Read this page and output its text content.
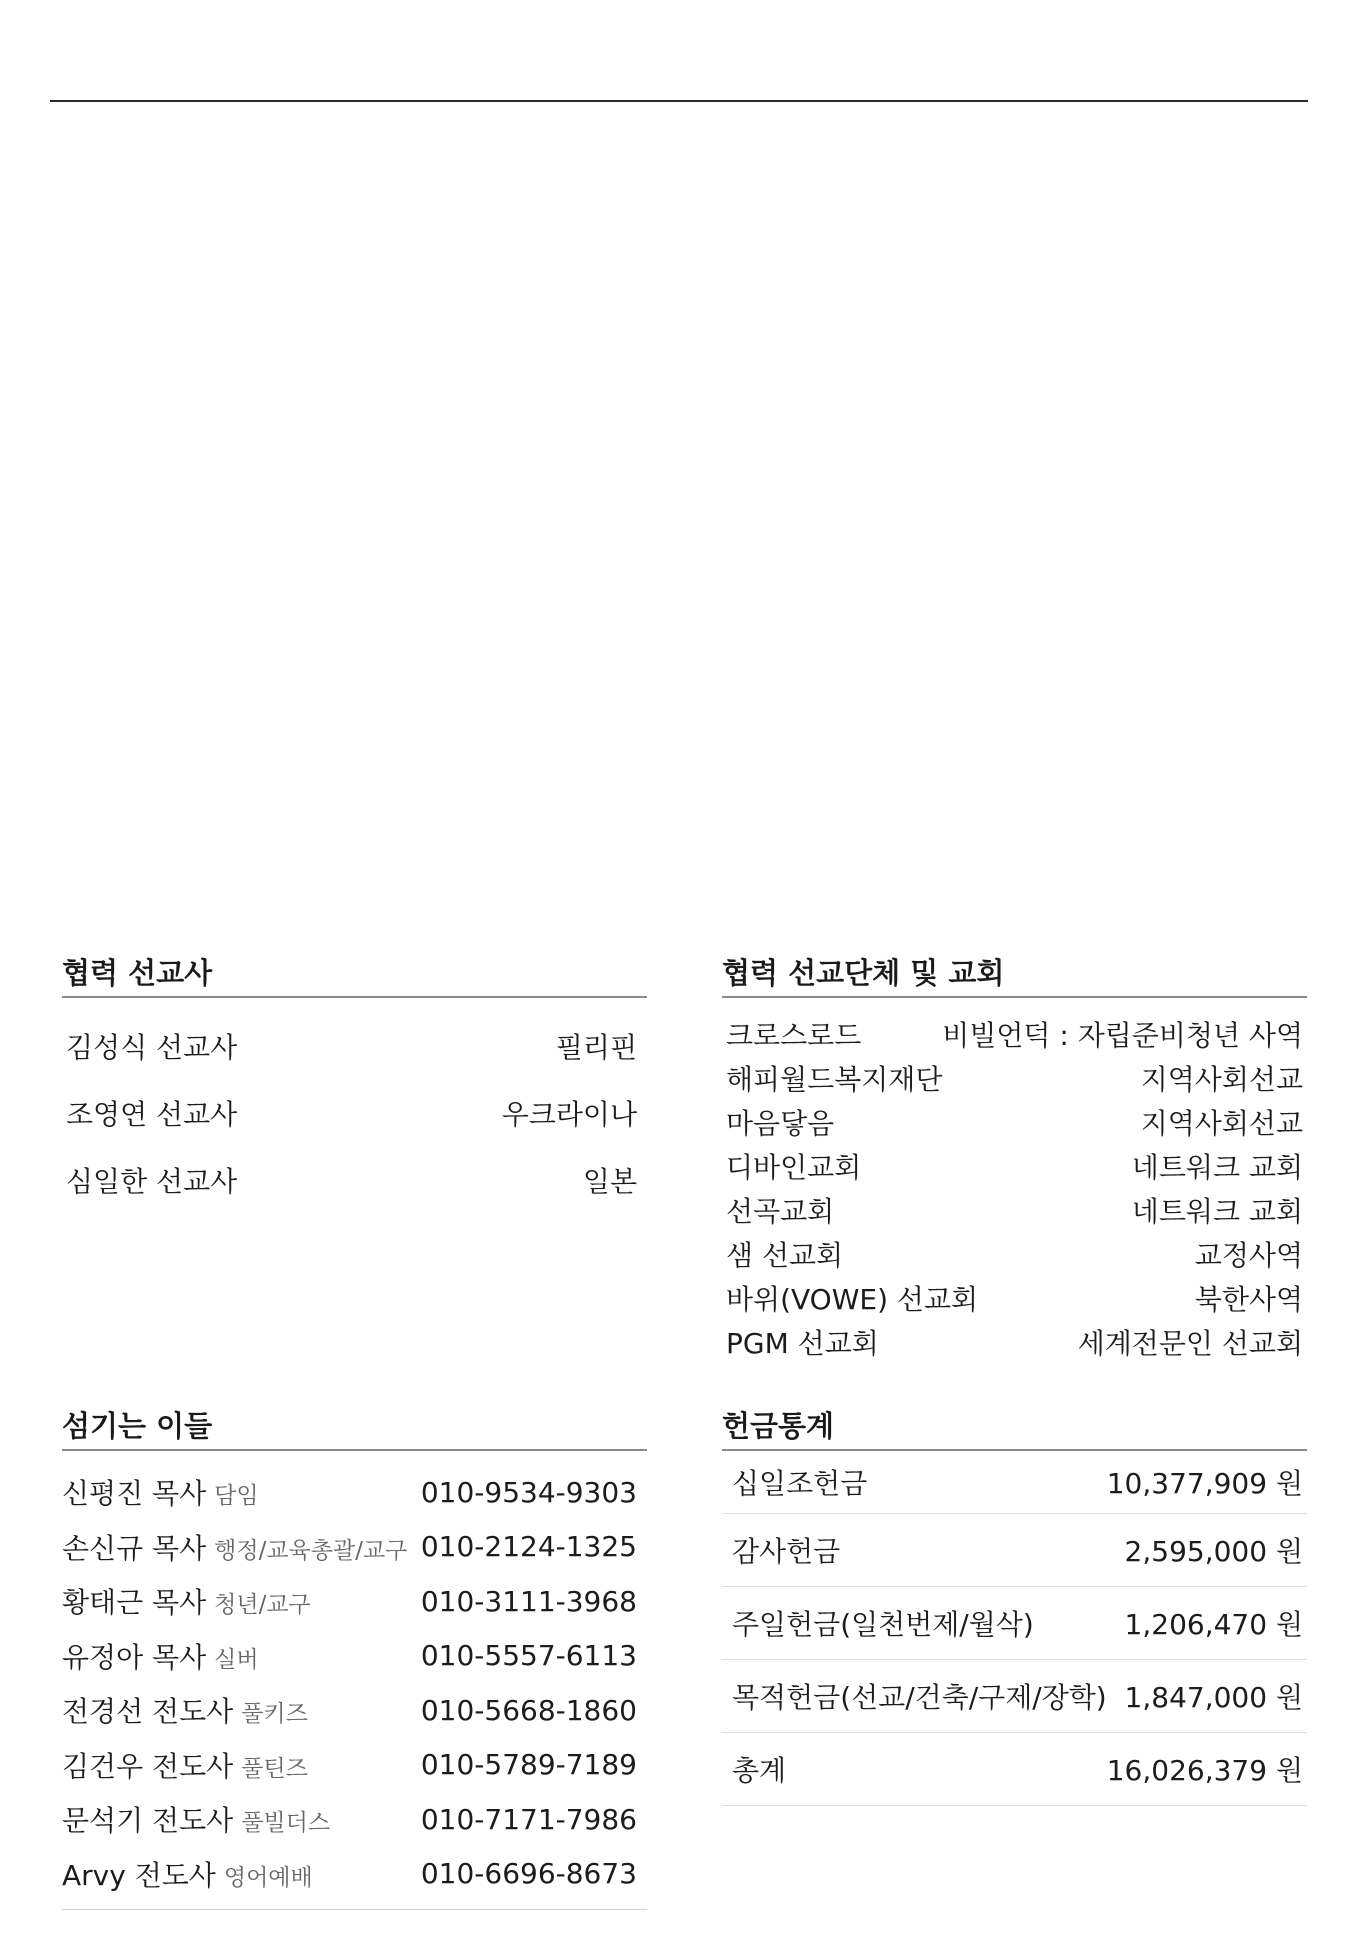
협력 선교사
김성식 선교사	필리핀
조영연 선교사	우크라이나
심일한 선교사	일본
협력 선교단체 및 교회
크로스로드	비빌언덕 : 자립준비청년 사역
해피월드복지재단	지역사회선교
마음닿음	지역사회선교
디바인교회	네트워크 교회
선곡교회	네트워크 교회
샘 선교회	교정사역
바위(VOWE) 선교회	북한사역
PGM 선교회	세계전문인 선교회
섬기는 이들
신평진 목사 담임	010-9534-9303
손신규 목사 행정/교육총괄/교구 010-2124-1325
황태근 목사 청년/교구	010-3111-3968
유정아 목사 실버	010-5557-6113
전경선 전도사 풀키즈	010-5668-1860
김건우 전도사 풀틴즈	010-5789-7189
문석기 전도사 풀빌더스	010-7171-7986
Arvy 전도사 영어예배	010-6696-8673
헌금통계
십일조헌금	10,377,909 원
감사헌금	2,595,000 원
주일헌금(일천번제/월삭)	1,206,470 원
목적헌금(선교/건축/구제/장학) 1,847,000 원
총계	16,026,379 원
